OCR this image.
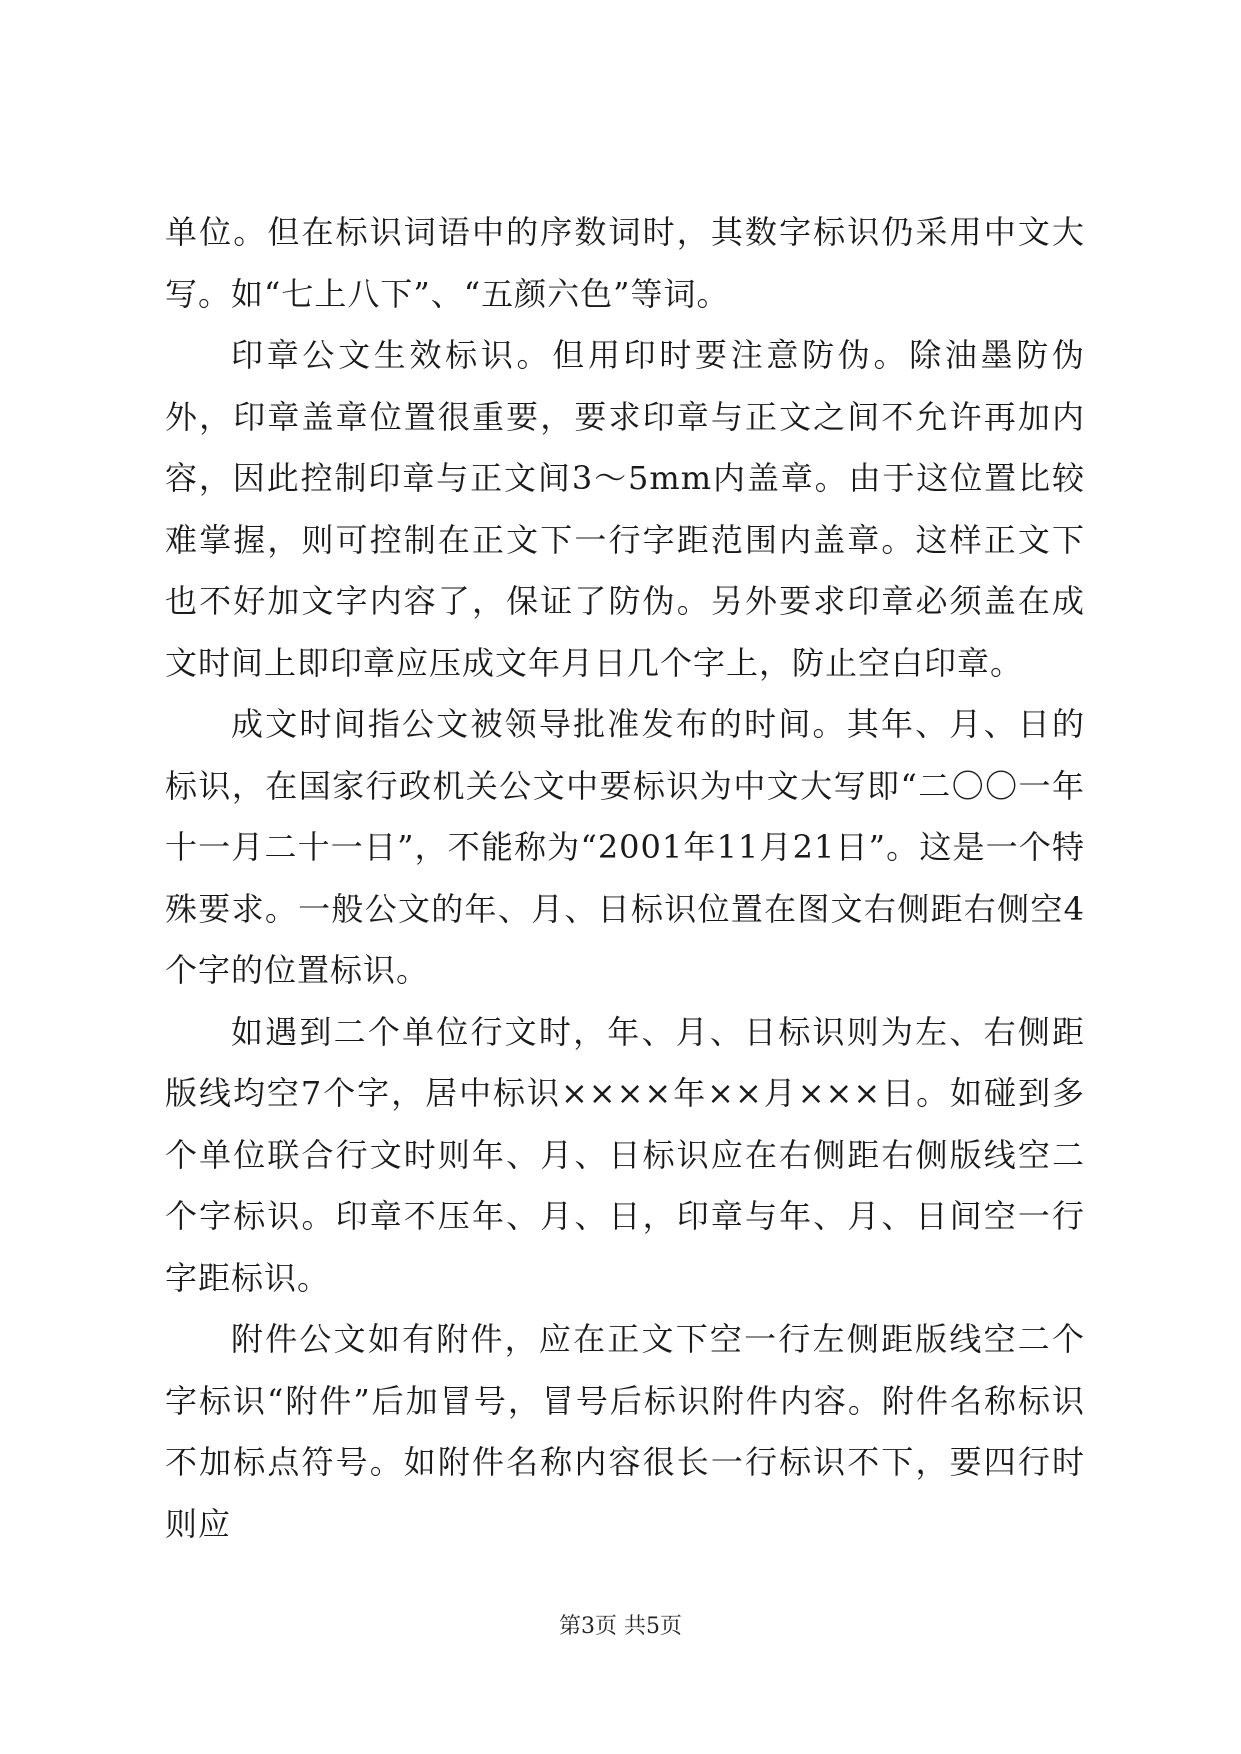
单位。但在标识词语中的序数词时，其数字标识仍采用中文大写。如“七上八下”、“五颜六色”等词。

印章公文生效标识。但用印时要注意防伪。除油墨防伪外，印章盖章位置很重要，要求印章与正文之间不允许再加内容，因此控制印章与正文间3～5mm内盖章。由于这位置比较难掌握，则可控制在正文下一行字距范围内盖章。这样正文下也不好加文字内容了，保证了防伪。另外要求印章必须盖在成文时间上即印章应压成文年月日几个字上，防止空白印章。

成文时间指公文被领导批准发布的时间。其年、月、日的标识，在国家行政机关公文中要标识为中文大写即“二〇〇一年十一月二十一日”，不能称为“2001年11月21日”。这是一个特殊要求。一般公文的年、月、日标识位置在图文右侧距右侧空4个字的位置标识。

如遇到二个单位行文时，年、月、日标识则为左、右侧距版线均空7个字，居中标识××××年××月×××日。如碰到多个单位联合行文时则年、月、日标识应在右侧距右侧版线空二个字标识。印章不压年、月、日，印章与年、月、日间空一行字距标识。

附件公文如有附件，应在正文下空一行左侧距版线空二个字标识“附件”后加冒号，冒号后标识附件内容。附件名称标识不加标点符号。如附件名称内容很长一行标识不下，要四行时则应

第3页 共5页
